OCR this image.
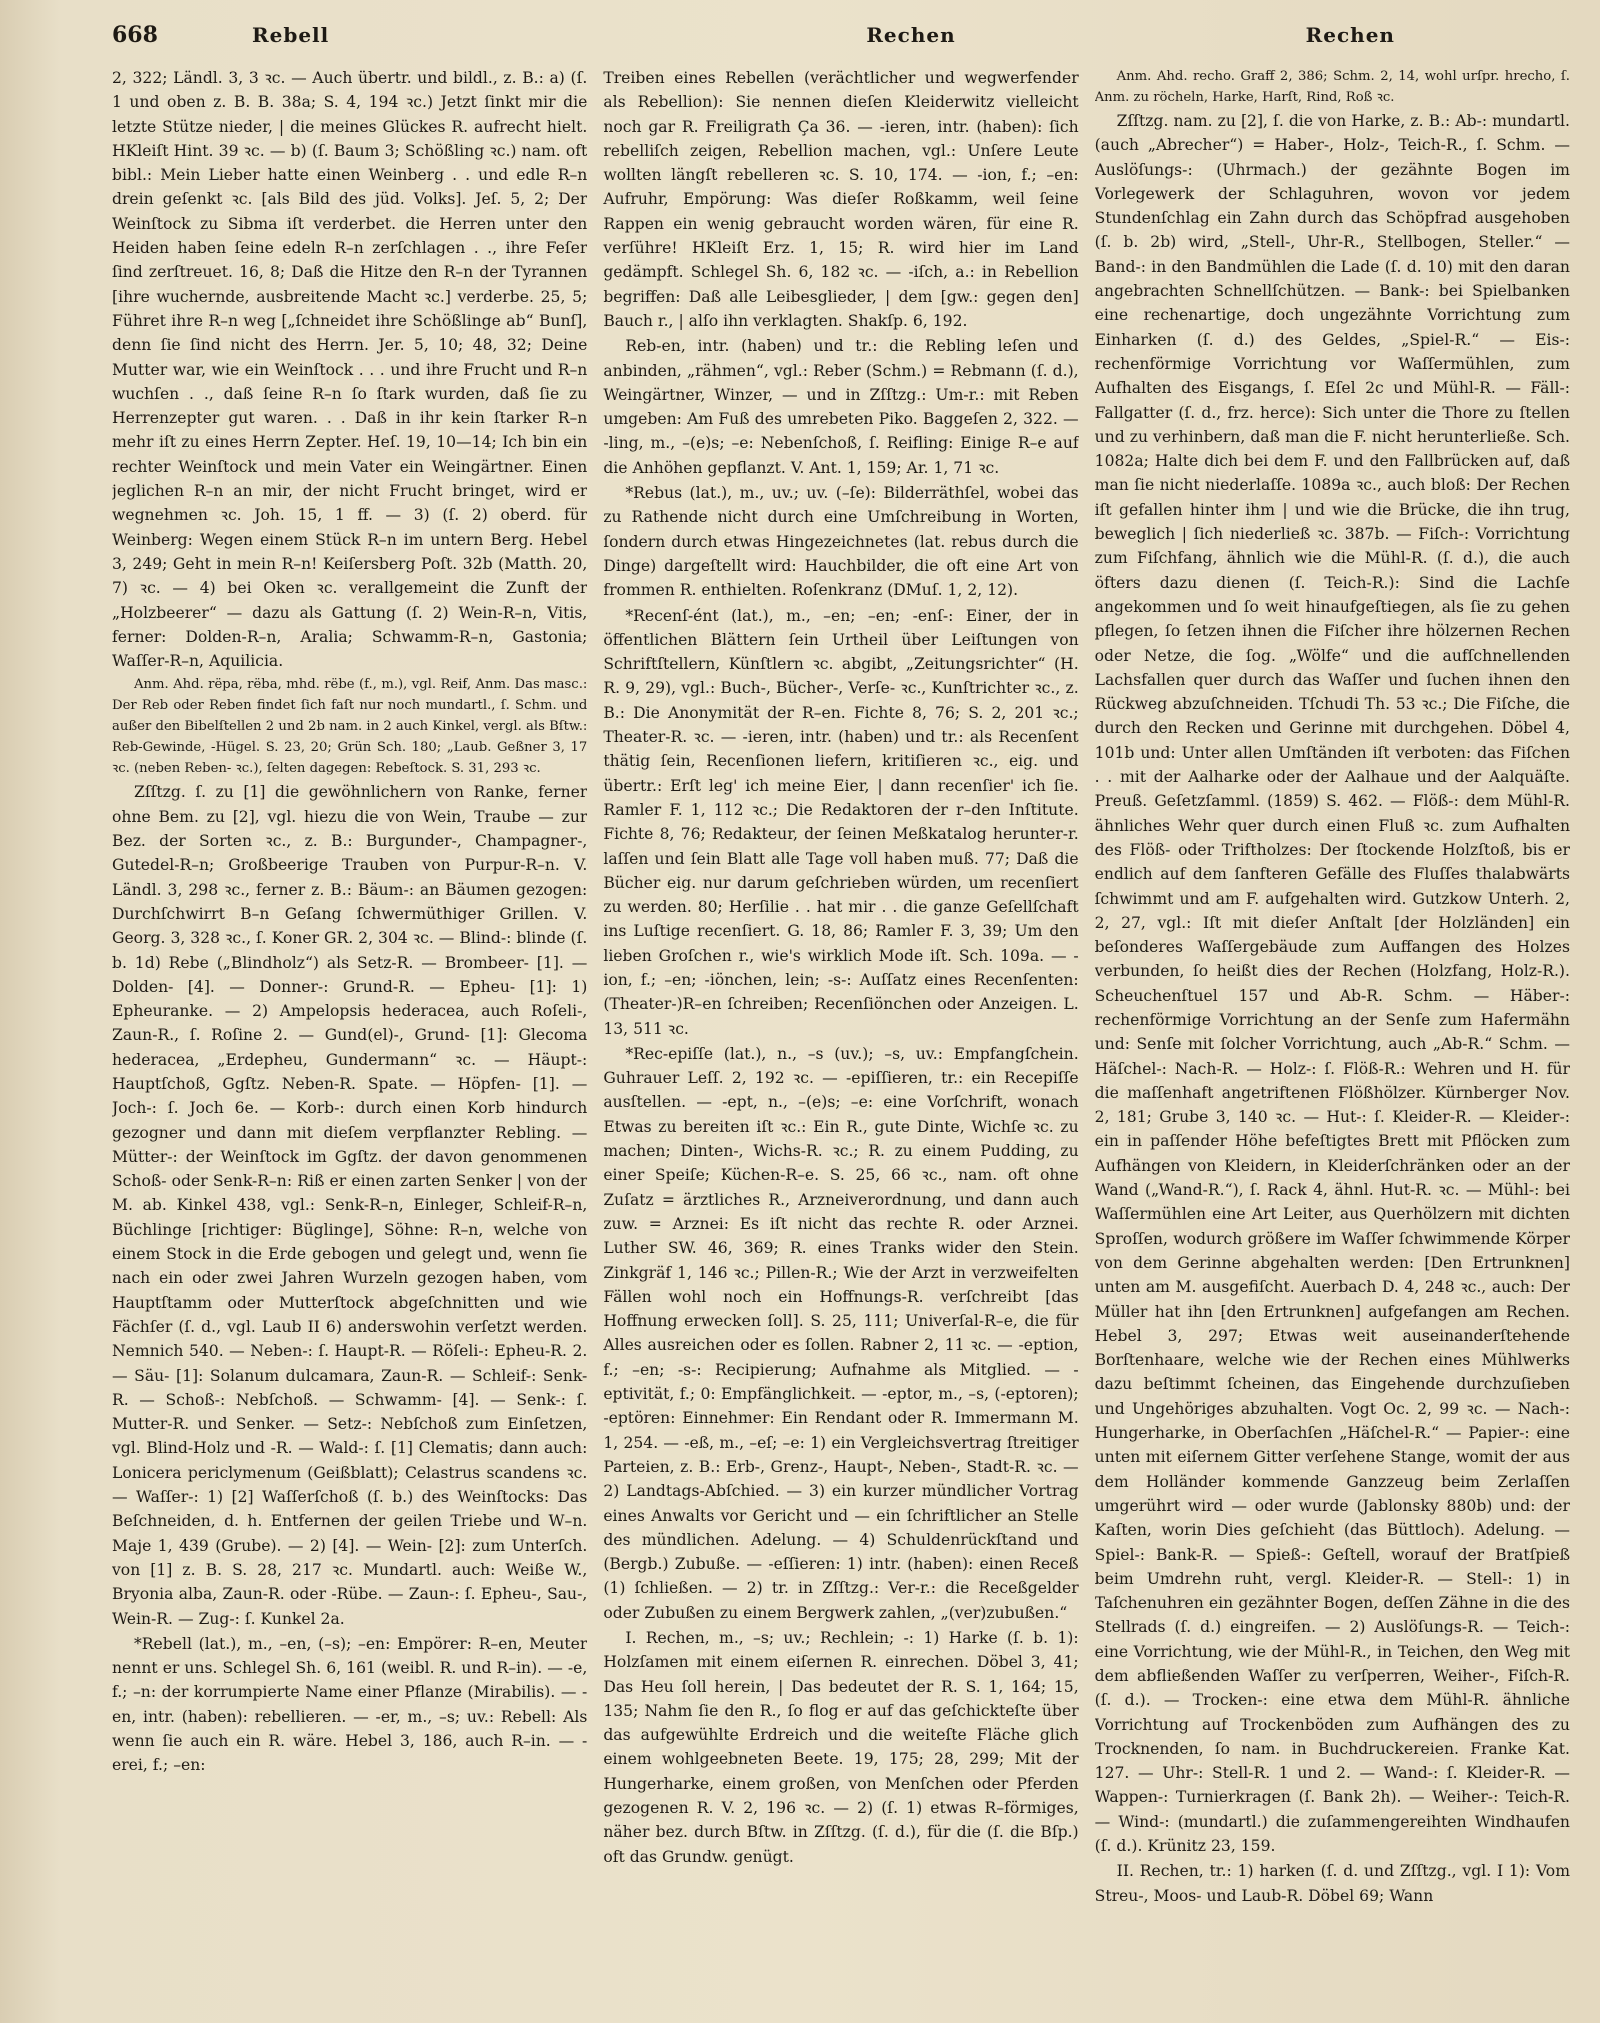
668	Rebell	Rechen	Rechen

2, 322; Ländl. 3, 3 ꝛc. — Auch übertr. und bildl., z. B.: a) (ſ. 1 und oben z. B. B. 38a; S. 4, 194 ꝛc.) Jetzt ſinkt mir die letzte Stütze nieder, | die meines Glückes R. aufrecht hielt. HKleiſt Hint. 39 ꝛc. — b) (ſ. Baum 3; Schößling ꝛc.) nam. oft bibl.: Mein Lieber hatte einen Weinberg . . und edle R–n drein geſenkt ꝛc. [als Bild des jüd. Volks]. Jeſ. 5, 2; Der Weinſtock zu Sibma iſt verderbet. die Herren unter den Heiden haben ſeine edeln R–n zerſchlagen . ., ihre Feſer ſind zerſtreuet. 16, 8; Daß die Hitze den R–n der Tyrannen [ihre wuchernde, ausbreitende Macht ꝛc.] verderbe. 25, 5; Führet ihre R–n weg [„ſchneidet ihre Schößlinge ab“ Bunſ], denn ſie ſind nicht des Herrn. Jer. 5, 10; 48, 32; Deine Mutter war, wie ein Weinſtock . . . und ihre Frucht und R–n wuchſen . ., daß ſeine R–n ſo ſtark wurden, daß ſie zu Herrenzepter gut waren. . . Daß in ihr kein ſtarker R–n mehr iſt zu eines Herrn Zepter. Heſ. 19, 10—14; Ich bin ein rechter Weinſtock und mein Vater ein Weingärtner. Einen jeglichen R–n an mir, der nicht Frucht bringet, wird er wegnehmen ꝛc. Joh. 15, 1 ff. — 3) (ſ. 2) oberd. für Weinberg: Wegen einem Stück R–n im untern Berg. Hebel 3, 249; Geht in mein R–n! Keiſersberg Poſt. 32b (Matth. 20, 7) ꝛc. — 4) bei Oken ꝛc. verallgemeint die Zunft der „Holzbeerer“ — dazu als Gattung (ſ. 2) Wein-R–n, Vitis, ferner: Dolden-R–n, Aralia; Schwamm-R–n, Gastonia; Waſſer-R–n, Aquilicia.

Anm. Ahd. rëpa, rëba, mhd. rëbe (f., m.), vgl. Reif, Anm. Das masc.: Der Reb oder Reben findet ſich faſt nur noch mundartl., ſ. Schm. und außer den Bibelſtellen 2 und 2b nam. in 2 auch Kinkel, vergl. als Bſtw.: Reb-Gewinde, -Hügel. S. 23, 20; Grün Sch. 180; „Laub. Geßner 3, 17 ꝛc. (neben Reben- ꝛc.), ſelten dagegen: Rebeſtock. S. 31, 293 ꝛc.

Zſſtzg. ſ. zu [1] die gewöhnlichern von Ranke, ferner ohne Bem. zu [2], vgl. hiezu die von Wein, Traube — zur Bez. der Sorten ꝛc., z. B.: Burgunder-, Champagner-, Gutedel-R–n; Großbeerige Trauben von Purpur-R–n. V. Ländl. 3, 298 ꝛc., ferner z. B.: Bäum-: an Bäumen gezogen: Durchſchwirrt B–n Geſang ſchwermüthiger Grillen. V. Georg. 3, 328 ꝛc., ſ. Koner GR. 2, 304 ꝛc. — Blind-: blinde (ſ. b. 1d) Rebe („Blindholz“) als Setz-R. — Brombeer- [1]. — Dolden- [4]. — Donner-: Grund-R. — Epheu- [1]: 1) Epheuranke. — 2) Ampelopsis hederacea, auch Roſeli-, Zaun-R., ſ. Roſine 2. — Gund(el)-, Grund- [1]: Glecoma hederacea, „Erdepheu, Gundermann“ ꝛc. — Häupt-: Hauptſchoß, Ggſtz. Neben-R. Spate. — Höpfen- [1]. — Joch-: ſ. Joch 6e. — Korb-: durch einen Korb hindurch gezogner und dann mit dieſem verpflanzter Rebling. — Mütter-: der Weinſtock im Ggſtz. der davon genommenen Schoß- oder Senk-R–n: Riß er einen zarten Senker | von der M. ab. Kinkel 438, vgl.: Senk-R–n, Einleger, Schleif-R–n, Büchlinge [richtiger: Büglinge], Söhne: R–n, welche von einem Stock in die Erde gebogen und gelegt und, wenn ſie nach ein oder zwei Jahren Wurzeln gezogen haben, vom Hauptſtamm oder Mutterſtock abgeſchnitten und wie Fächſer (ſ. d., vgl. Laub II 6) anderswohin verſetzt werden. Nemnich 540. — Neben-: ſ. Haupt-R. — Röſeli-: Epheu-R. 2. — Säu- [1]: Solanum dulcamara, Zaun-R. — Schleif-: Senk-R. — Schoß-: Nebſchoß. — Schwamm- [4]. — Senk-: ſ. Mutter-R. und Senker. — Setz-: Nebſchoß zum Einſetzen, vgl. Blind-Holz und -R. — Wald-: ſ. [1] Clematis; dann auch: Lonicera periclymenum (Geißblatt); Celastrus scandens ꝛc. — Waſſer-: 1) [2] Waſſerſchoß (ſ. b.) des Weinſtocks: Das Beſchneiden, d. h. Entfernen der geilen Triebe und W–n. Maje 1, 439 (Grube). — 2) [4]. — Wein- [2]: zum Unterſch. von [1] z. B. S. 28, 217 ꝛc. Mundartl. auch: Weiße W., Bryonia alba, Zaun-R. oder -Rübe. — Zaun-: ſ. Epheu-, Sau-, Wein-R. — Zug-: ſ. Kunkel 2a.

*Rebell (lat.), m., –en, (–s); –en: Empörer: R–en, Meuter nennt er uns. Schlegel Sh. 6, 161 (weibl. R. und R–in). — -e, f.; –n: der korrumpierte Name einer Pflanze (Mirabilis). — -en, intr. (haben): rebellieren. — -er, m., –s; uv.: Rebell: Als wenn ſie auch ein R. wäre. Hebel 3, 186, auch R–in. — -erei, f.; –en:

Treiben eines Rebellen (verächtlicher und wegwerfender als Rebellion): Sie nennen dieſen Kleiderwitz vielleicht noch gar R. Freiligrath Ça 36. — -ieren, intr. (haben): ſich rebelliſch zeigen, Rebellion machen, vgl.: Unſere Leute wollten längſt rebelleren ꝛc. S. 10, 174. — -ion, f.; –en: Aufruhr, Empörung: Was dieſer Roßkamm, weil ſeine Rappen ein wenig gebraucht worden wären, für eine R. verſühre! HKleiſt Erz. 1, 15; R. wird hier im Land gedämpft. Schlegel Sh. 6, 182 ꝛc. — -iſch, a.: in Rebellion begriffen: Daß alle Leibesglieder, | dem [gw.: gegen den] Bauch r., | alſo ihn verklagten. Shakſp. 6, 192.

Reb-en, intr. (haben) und tr.: die Rebling leſen und anbinden, „rähmen“, vgl.: Reber (Schm.) = Rebmann (ſ. d.), Weingärtner, Winzer, — und in Zſſtzg.: Um-r.: mit Reben umgeben: Am Fuß des umrebeten Piko. Baggeſen 2, 322. — -ling, m., –(e)s; –e: Nebenſchoß, ſ. Reifling: Einige R–e auf die Anhöhen gepflanzt. V. Ant. 1, 159; Ar. 1, 71 ꝛc.

*Rebus (lat.), m., uv.; uv. (–ſe): Bilderräthſel, wobei das zu Rathende nicht durch eine Umſchreibung in Worten, ſondern durch etwas Hingezeichnetes (lat. rebus durch die Dinge) dargeſtellt wird: Hauchbilder, die oft eine Art von frommen R. enthielten. Roſenkranz (DMuſ. 1, 2, 12).

*Recenſ-ént (lat.), m., –en; –en; -enſ-: Einer, der in öffentlichen Blättern ſein Urtheil über Leiſtungen von Schriftſtellern, Künſtlern ꝛc. abgibt, „Zeitungsrichter“ (H. R. 9, 29), vgl.: Buch-, Bücher-, Verſe- ꝛc., Kunſtrichter ꝛc., z. B.: Die Anonymität der R–en. Fichte 8, 76; S. 2, 201 ꝛc.; Theater-R. ꝛc. — -ieren, intr. (haben) und tr.: als Recenſent thätig ſein, Recenſionen liefern, kritiſieren ꝛc., eig. und übertr.: Erſt leg' ich meine Eier, | dann recenſier' ich ſie. Ramler F. 1, 112 ꝛc.; Die Redaktoren der r–den Inſtitute. Fichte 8, 76; Redakteur, der ſeinen Meßkatalog herunter-r. laſſen und ſein Blatt alle Tage voll haben muß. 77; Daß die Bücher eig. nur darum geſchrieben würden, um recenſiert zu werden. 80; Herſilie . . hat mir . . die ganze Geſellſchaft ins Luſtige recenſiert. G. 18, 86; Ramler F. 3, 39; Um den lieben Groſchen r., wie's wirklich Mode iſt. Sch. 109a. — -ion, f.; –en; -iönchen, lein; -s-: Auſſatz eines Recenſenten: (Theater-)R–en ſchreiben; Recenſiönchen oder Anzeigen. L. 13, 511 ꝛc.

*Rec-epiſſe (lat.), n., –s (uv.); –s, uv.: Empfangſchein. Guhrauer Leſſ. 2, 192 ꝛc. — -epiſſieren, tr.: ein Recepiſſe ausſtellen. — -ept, n., –(e)s; –e: eine Vorſchrift, wonach Etwas zu bereiten iſt ꝛc.: Ein R., gute Dinte, Wichſe ꝛc. zu machen; Dinten-, Wichs-R. ꝛc.; R. zu einem Pudding, zu einer Speiſe; Küchen-R–e. S. 25, 66 ꝛc., nam. oft ohne Zuſatz = ärztliches R., Arzneiverordnung, und dann auch zuw. = Arznei: Es iſt nicht das rechte R. oder Arznei. Luther SW. 46, 369; R. eines Tranks wider den Stein. Zinkgräf 1, 146 ꝛc.; Pillen-R.; Wie der Arzt in verzweifelten Fällen wohl noch ein Hoffnungs-R. verſchreibt [das Hoffnung erwecken ſoll]. S. 25, 111; Univerſal-R–e, die für Alles ausreichen oder es ſollen. Rabner 2, 11 ꝛc. — -eption, f.; –en; -s-: Recipierung; Aufnahme als Mitglied. — -eptivität, f.; 0: Empfänglichkeit. — -eptor, m., –s, (-eptoren); -eptören: Einnehmer: Ein Rendant oder R. Immermann M. 1, 254. — -eß, m., –eſ; –e: 1) ein Vergleichsvertrag ſtreitiger Parteien, z. B.: Erb-, Grenz-, Haupt-, Neben-, Stadt-R. ꝛc. — 2) Landtags-Abſchied. — 3) ein kurzer mündlicher Vortrag eines Anwalts vor Gericht und — ein ſchriftlicher an Stelle des mündlichen. Adelung. — 4) Schuldenrückſtand und (Bergb.) Zubuße. — -eſſieren: 1) intr. (haben): einen Receß (1) ſchließen. — 2) tr. in Zſſtzg.: Ver-r.: die Receßgelder oder Zubußen zu einem Bergwerk zahlen, „(ver)zubußen.“

I. Rechen, m., –s; uv.; Rechlein; -: 1) Harke (ſ. b. 1): Holzſamen mit einem eiſernen R. einrechen. Döbel 3, 41; Das Heu ſoll herein, | Das bedeutet der R. S. 1, 164; 15, 135; Nahm ſie den R., ſo flog er auf das geſchickteſte über das aufgewühlte Erdreich und die weiteſte Fläche glich einem wohlgeebneten Beete. 19, 175; 28, 299; Mit der Hungerharke, einem großen, von Menſchen oder Pferden gezogenen R. V. 2, 196 ꝛc. — 2) (ſ. 1) etwas R–förmiges, näher bez. durch Bſtw. in Zſſtzg. (ſ. d.), für die (ſ. die Bſp.) oft das Grundw. genügt.

Anm. Ahd. recho. Graff 2, 386; Schm. 2, 14, wohl urſpr. hrecho, ſ. Anm. zu röcheln, Harke, Harſt, Rind, Roß ꝛc.

Zſſtzg. nam. zu [2], ſ. die von Harke, z. B.: Ab-: mundartl. (auch „Abrecher“) = Haber-, Holz-, Teich-R., ſ. Schm. — Auslöſungs-: (Uhrmach.) der gezähnte Bogen im Vorlegewerk der Schlaguhren, wovon vor jedem Stundenſchlag ein Zahn durch das Schöpfrad ausgehoben (ſ. b. 2b) wird, „Stell-, Uhr-R., Stellbogen, Steller.“ — Band-: in den Bandmühlen die Lade (ſ. d. 10) mit den daran angebrachten Schnellſchützen. — Bank-: bei Spielbanken eine rechenartige, doch ungezähnte Vorrichtung zum Einharken (ſ. d.) des Geldes, „Spiel-R.“ — Eis-: rechenförmige Vorrichtung vor Waſſermühlen, zum Aufhalten des Eisgangs, ſ. Eſel 2c und Mühl-R. — Fäll-: Fallgatter (ſ. d., frz. herce): Sich unter die Thore zu ſtellen und zu verhinbern, daß man die F. nicht herunterließe. Sch. 1082a; Halte dich bei dem F. und den Fallbrücken auf, daß man ſie nicht niederlaſſe. 1089a ꝛc., auch bloß: Der Rechen iſt gefallen hinter ihm | und wie die Brücke, die ihn trug, beweglich | ſich niederließ ꝛc. 387b. — Fiſch-: Vorrichtung zum Fiſchfang, ähnlich wie die Mühl-R. (ſ. d.), die auch öfters dazu dienen (ſ. Teich-R.): Sind die Lachſe angekommen und ſo weit hinaufgeſtiegen, als ſie zu gehen pflegen, ſo ſetzen ihnen die Fiſcher ihre hölzernen Rechen oder Netze, die ſog. „Wölfe“ und die aufſchnellenden Lachsfallen quer durch das Waſſer und ſuchen ihnen den Rückweg abzuſchneiden. Tſchudi Th. 53 ꝛc.; Die Fiſche, die durch den Recken und Gerinne mit durchgehen. Döbel 4, 101b und: Unter allen Umſtänden iſt verboten: das Fiſchen . . mit der Aalharke oder der Aalhaue und der Aalquäſte. Preuß. Geſetzſamml. (1859) S. 462. — Flöß-: dem Mühl-R. ähnliches Wehr quer durch einen Fluß ꝛc. zum Aufhalten des Flöß- oder Triftholzes: Der ſtockende Holzſtoß, bis er endlich auf dem ſanfteren Gefälle des Fluſſes thalabwärts ſchwimmt und am F. aufgehalten wird. Gutzkow Unterh. 2, 2, 27, vgl.: Iſt mit dieſer Anſtalt [der Holzländen] ein beſonderes Waſſergebäude zum Auffangen des Holzes verbunden, ſo heißt dies der Rechen (Holzfang, Holz-R.). Scheuchenſtuel 157 und Ab-R. Schm. — Häber-: rechenförmige Vorrichtung an der Senſe zum Hafermähn und: Senſe mit ſolcher Vorrichtung, auch „Ab-R.“ Schm. — Häſchel-: Nach-R. — Holz-: ſ. Flöß-R.: Wehren und H. für die maſſenhaft angetriftenen Flößhölzer. Kürnberger Nov. 2, 181; Grube 3, 140 ꝛc. — Hut-: ſ. Kleider-R. — Kleider-: ein in paſſender Höhe befeſtigtes Brett mit Pflöcken zum Aufhängen von Kleidern, in Kleiderſchränken oder an der Wand („Wand-R.“), ſ. Rack 4, ähnl. Hut-R. ꝛc. — Mühl-: bei Waſſermühlen eine Art Leiter, aus Querhölzern mit dichten Sproſſen, wodurch größere im Waſſer ſchwimmende Körper von dem Gerinne abgehalten werden: [Den Ertrunknen] unten am M. ausgefiſcht. Auerbach D. 4, 248 ꝛc., auch: Der Müller hat ihn [den Ertrunknen] aufgefangen am Rechen. Hebel 3, 297; Etwas weit auseinanderſtehende Borſtenhaare, welche wie der Rechen eines Mühlwerks dazu beſtimmt ſcheinen, das Eingehende durchzuſieben und Ungehöriges abzuhalten. Vogt Oc. 2, 99 ꝛc. — Nach-: Hungerharke, in Oberſachſen „Häſchel-R.“ — Papier-: eine unten mit eiſernem Gitter verſehene Stange, womit der aus dem Holländer kommende Ganzzeug beim Zerlaſſen umgerührt wird — oder wurde (Jablonsky 880b) und: der Kaſten, worin Dies geſchieht (das Büttloch). Adelung. — Spiel-: Bank-R. — Spieß-: Geſtell, worauf der Bratſpieß beim Umdrehn ruht, vergl. Kleider-R. — Stell-: 1) in Taſchenuhren ein gezähnter Bogen, deſſen Zähne in die des Stellrads (ſ. d.) eingreifen. — 2) Auslöſungs-R. — Teich-: eine Vorrichtung, wie der Mühl-R., in Teichen, den Weg mit dem abfließenden Waſſer zu verſperren, Weiher-, Fiſch-R. (ſ. d.). — Trocken-: eine etwa dem Mühl-R. ähnliche Vorrichtung auf Trockenböden zum Aufhängen des zu Trocknenden, ſo nam. in Buchdruckereien. Franke Kat. 127. — Uhr-: Stell-R. 1 und 2. — Wand-: ſ. Kleider-R. — Wappen-: Turnierkragen (ſ. Bank 2h). — Weiher-: Teich-R. — Wind-: (mundartl.) die zuſammengereihten Windhaufen (ſ. d.). Krünitz 23, 159.

II. Rechen, tr.: 1) harken (ſ. d. und Zſſtzg., vgl. I 1): Vom Streu-, Moos- und Laub-R. Döbel 69; Wann
